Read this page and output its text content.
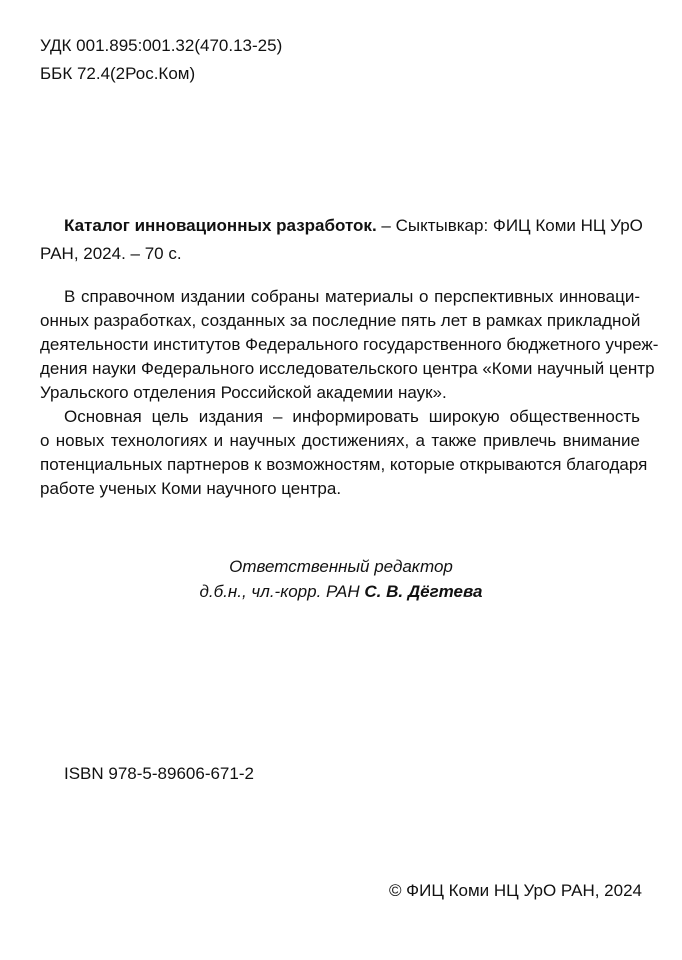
УДК 001.895:001.32(470.13-25)
ББК 72.4(2Рос.Ком)
Каталог инновационных разработок. – Сыктывкар: ФИЦ Коми НЦ УрО
РАН, 2024. – 70 с.
В справочном издании собраны материалы о перспективных инноваци-
онных разработках, созданных за последние пять лет в рамках прикладной
деятельности институтов Федерального государственного бюджетного учреж-
дения науки Федерального исследовательского центра «Коми научный центр
Уральского отделения Российской академии наук».
Основная цель издания – информировать широкую общественность
о новых технологиях и научных достижениях, а также привлечь внимание
потенциальных партнеров к возможностям, которые открываются благодаря
работе ученых Коми научного центра.
Ответственный редактор
д.б.н., чл.-корр. РАН С. В. Дёгтева
ISBN 978-5-89606-671-2
© ФИЦ Коми НЦ УрО РАН, 2024
